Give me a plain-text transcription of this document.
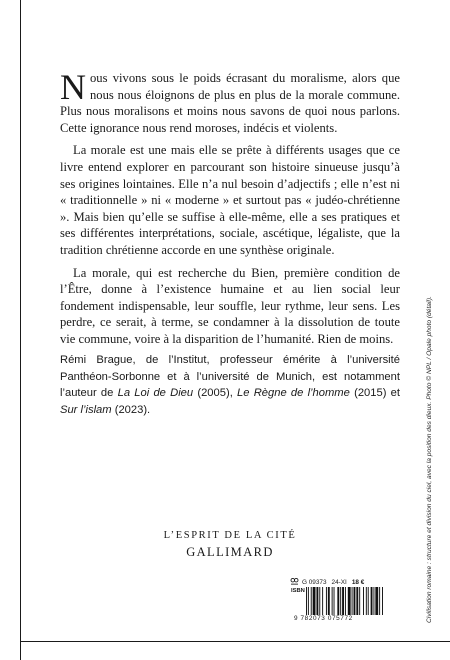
Nous vivons sous le poids écrasant du moralisme, alors que nous nous éloignons de plus en plus de la morale commune. Plus nous moralisons et moins nous savons de quoi nous parlons. Cette ignorance nous rend moroses, indécis et violents.

La morale est une mais elle se prête à différents usages que ce livre entend explorer en parcourant son histoire sinueuse jusqu’à ses origines lointaines. Elle n’a nul besoin d’adjectifs ; elle n’est ni « traditionnelle » ni « moderne » et surtout pas « judéo-chrétienne ». Mais bien qu’elle se suffise à elle-même, elle a ses pratiques et ses différentes interprétations, sociale, ascétique, légaliste, que la tradition chrétienne accorde en une synthèse originale.

La morale, qui est recherche du Bien, première condition de l’Être, donne à l’existence humaine et au lien social leur fondement indispensable, leur souffle, leur rythme, leur sens. Les perdre, ce serait, à terme, se condamner à la dissolution de toute vie commune, voire à la disparition de l’humanité. Rien de moins.

Rémi Brague, de l’Institut, professeur émérite à l’université Panthéon-Sorbonne et à l’université de Munich, est notamment l’auteur de La Loi de Dieu (2005), Le Règne de l’homme (2015) et Sur l’islam (2023).
L’ESPRIT DE LA CITÉ
GALLIMARD	Civilisation romaine : structure et division du ciel, avec la position des dieux. Photo © NPL / Opale photo (détail).
G 09373 24-XI 18 €
ISBN
9 782073 075772
